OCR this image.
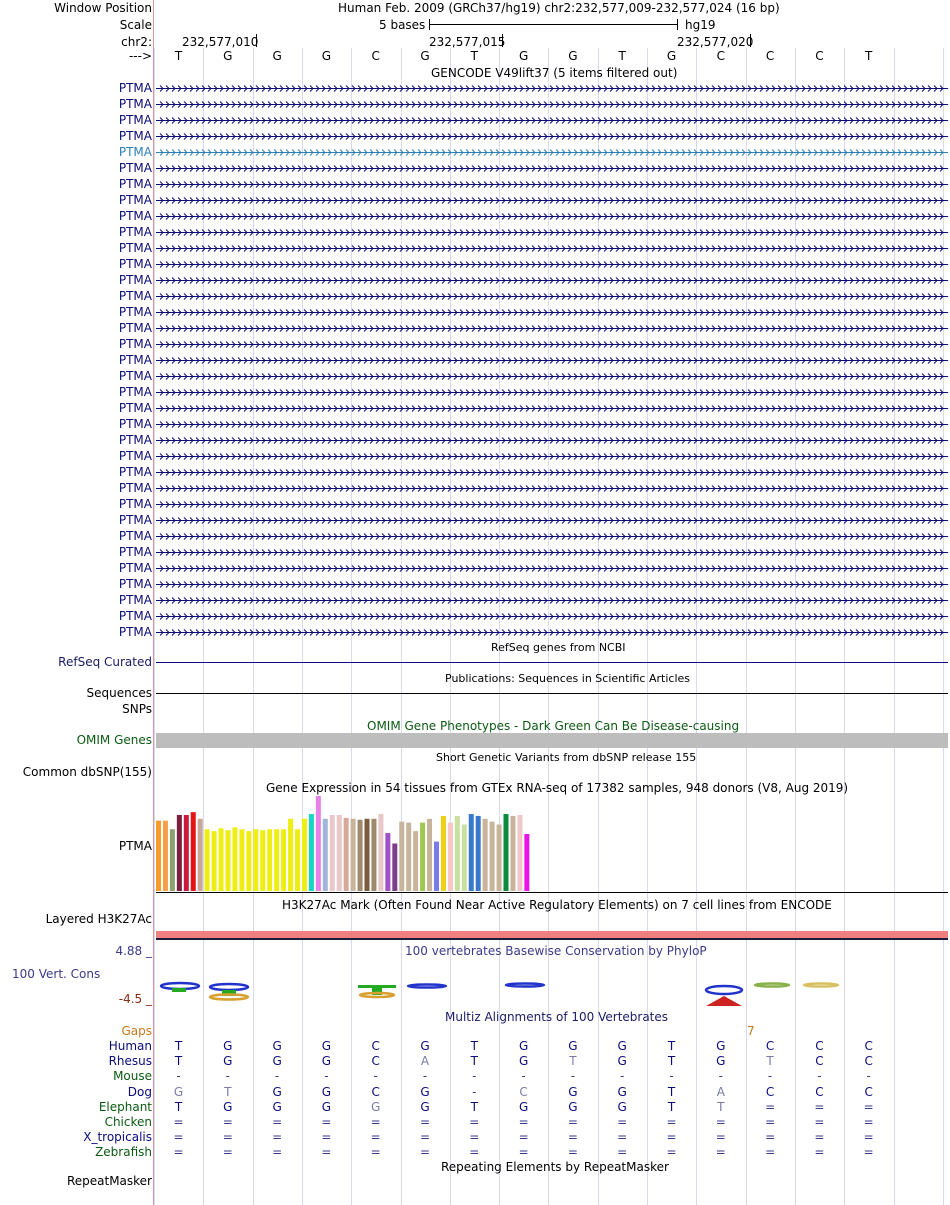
Window Position	Human Feb. 2009 (GRCh37/hg19) chr2:232,577,009-232,577,024 (16 bp)
Scale	5 bases	hg19
chr2:	232,577,010	232,577,015	232,577,020
--->	T	G	G	G	C	G	T	G	G	T	G	C	C	C	T
GENCODE V49lift37 (5 items filtered out)
PTMA
PTMA
PTMA
PTMA
PTMA
PTMA
PTMA
PTMA
PTMA
PTMA
PTMA
PTMA
PTMA
PTMA
PTMA
PTMA
PTMA
PTMA
PTMA
PTMA
PTMA
PTMA
PTMA
PTMA
PTMA
PTMA
PTMA
PTMA
PTMA
PTMA
PTMA
PTMA
PTMA
PTMA
PTMA
RefSeq genes from NCBI
RefSeq Curated
Publications: Sequences in Scientific Articles
Sequences
SNPs
OMIM Gene Phenotypes - Dark Green Can Be Disease-causing
OMIM Genes
Short Genetic Variants from dbSNP release 155
Common dbSNP(155)
Gene Expression in 54 tissues from GTEx RNA-seq of 17382 samples, 948 donors (V8, Aug 2019)
PTMA
H3K27Ac Mark (Often Found Near Active Regulatory Elements) on 7 cell lines from ENCODE
Layered H3K27Ac
100 vertebrates Basewise Conservation by PhyloP
4.88 _
100 Vert. Cons
-4.5 _
Multiz Alignments of 100 Vertebrates
Gaps	7
Human	T	G	G	G	C	G	T	G	G	G	T	G	C	C	C
Rhesus	T	G	G	G	C	A	T	G	T	G	T	G	T	C	C
Mouse	-	-	-	-	-	-	-	-	-	-	-	-	-	-	-
Dog	G	T	G	G	C	G	-	C	G	G	T	A	C	C	C
Elephant	T	G	G	G	G	G	T	G	G	G	T	T	=	=	=
Chicken	=	=	=	=	=	=	=	=	=	=	=	=	=	=	=
X_tropicalis	=	=	=	=	=	=	=	=	=	=	=	=	=	=	=
Zebrafish	=	=	=	=	=	=	=	=	=	=	=	=	=	=	=
Repeating Elements by RepeatMasker
RepeatMasker
